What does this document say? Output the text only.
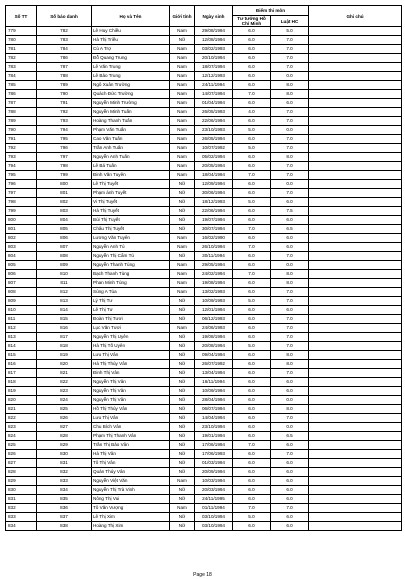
Số TT	Số báo danh	Họ và Tên	Giới tính	Ngày sinh	Điểm thi môn		Ghi chú
					Tư tưởng Hồ Chí Minh	Luật HC	
779	782	Lê Huy Chiều	Nam	29/08/1994	6.0	5.0	
780	783	Hà Thị Triều	Nữ	12/08/1994	6.0	7.0	
781	784	Cù A Trợ	Nam	03/02/1993	6.0	7.0	
782	786	Đỗ Quang Trung	Nam	20/10/1994	6.0	7.0	
783	787	Lê Văn Trung	Nam	18/07/1994	6.0	7.0	
784	788	Lê Bảo Trung	Nam	12/12/1993	6.0	0.0	
785	789	Ngô Xuân Trường	Nam	24/11/1994	6.0	8.0	
786	790	Quách Đức Trường	Nam	14/07/1994	7.0	8.0	
787	791	Nguyễn Minh Trường	Nam	01/04/1994	6.0	6.0	
788	792	Nguyễn Minh Tuấn	Nam	26/05/1993	4.0	7.0	
789	793	Hoàng Thanh Tuấn	Nam	22/06/1994	6.0	7.0	
790	794	Phạm Văn Tuấn	Nam	23/10/1993	5.0	0.0	
791	795	Cao Văn Tuấn	Nam	26/05/1994	6.0	7.0	
792	796	Trần Anh Tuấn	Nam	10/07/1992	5.0	7.0	
793	797	Nguyễn Anh Tuấn	Nam	05/02/1994	6.0	8.0	
794	798	Lê Bá Tuấn	Nam	20/05/1994	6.0	7.0	
795	799	Đinh Văn Tuyên	Nam	18/04/1994	7.0	7.0	
796	800	Lê Thị Tuyết	Nữ	12/09/1994	6.0	0.0	
797	801	Phạm ánh Tuyết	Nữ	30/06/1994	6.0	7.0	
798	802	Vi Thị Tuyết	Nữ	18/12/1993	5.0	6.0	
799	803	Hà Thị Tuyết	Nữ	22/06/1994	6.0	7.5	
800	804	Bùi Thị Tuyết	Nữ	19/07/1994	6.0	6.0	
801	805	Châu Thị Tuyết	Nữ	30/07/1994	7.0	6.5	
802	806	Lương Văn Tuyên	Nam	16/02/1990	6.0	6.0	
803	807	Nguyễn Anh Tú	Nam	26/10/1994	7.0	6.0	
804	808	Nguyễn Thị Cẩm Tú	Nữ	30/11/1994	6.0	7.0	
805	809	Nguyễn Thanh Tùng	Nam	29/05/1994	6.0	0.0	
806	810	Bạch Thanh Tùng	Nam	24/02/1994	7.0	8.0	
807	811	Phan Minh Tùng	Nam	19/08/1994	6.0	8.0	
808	812	Sùng A Tủa	Nam	13/02/1993	6.0	7.0	
809	813	Lý Thị Tư	Nữ	10/09/1993	5.0	7.0	
810	814	Lê Thị Tư	Nữ	12/01/1994	6.0	6.0	
811	815	Đoàn Thị Tươi	Nữ	06/12/1993	6.0	7.0	
812	816	Lục Văn Tươi	Nam	24/06/1993	6.0	7.0	
813	817	Nguyễn Thị Uyên	Nữ	19/08/1994	6.0	7.0	
814	818	Hà Thị Tố Uyên	Nữ	20/08/1994	5.0	7.0	
815	819	Lưu Thị Vân	Nữ	09/04/1994	6.0	8.0	
816	820	Hà Thị Thúy Vân	Nữ	26/07/1992	6.0	8.0	
817	821	Đinh Thị Vân	Nữ	13/04/1994	6.0	7.0	
818	822	Nguyễn Thị Vân	Nữ	16/11/1994	6.0	6.0	
819	823	Nguyễn Thị Vân	Nữ	10/09/1994	6.0	6.0	
820	824	Nguyễn Thị Vân	Nữ	28/04/1994	6.0	0.0	
821	825	Hồ Thị Thúy Vân	Nữ	06/07/1994	6.0	8.0	
822	826	Lưu Thị Vân	Nữ	14/04/1994	6.0	7.0	
823	827	Chu Bích Vân	Nữ	23/10/1994	6.0	0.0	
824	828	Phạm Thị Thanh Vân	Nữ	19/01/1994	6.0	6.5	
825	829	Trần Thị Bảo Vân	Nữ	17/06/1994	7.0	6.0	
826	830	Hà Thị Vân	Nữ	17/06/1993	6.0	7.0	
827	831	Tô Thị Vân	Nữ	01/03/1994	6.0	6.0	
828	832	Quản Thúy Vân	Nữ	20/09/1994	6.0	6.0	
829	833	Nguyễn Việt Văn	Nam	10/03/1994	6.0	6.0	
830	834	Nguyễn Thị Trà Vinh	Nữ	20/03/1994	6.0	6.0	
831	835	Nông Thị Vui	Nữ	24/11/1995	6.0	6.0	
832	836	Tô Văn Vượng	Nam	01/11/1994	7.0	7.0	
833	837	Lê Thị Xim	Nữ	03/10/1994	5.0	6.0	
834	838	Hoàng Thị Xim	Nữ	03/10/1994	6.0	6.0	
Page 18
